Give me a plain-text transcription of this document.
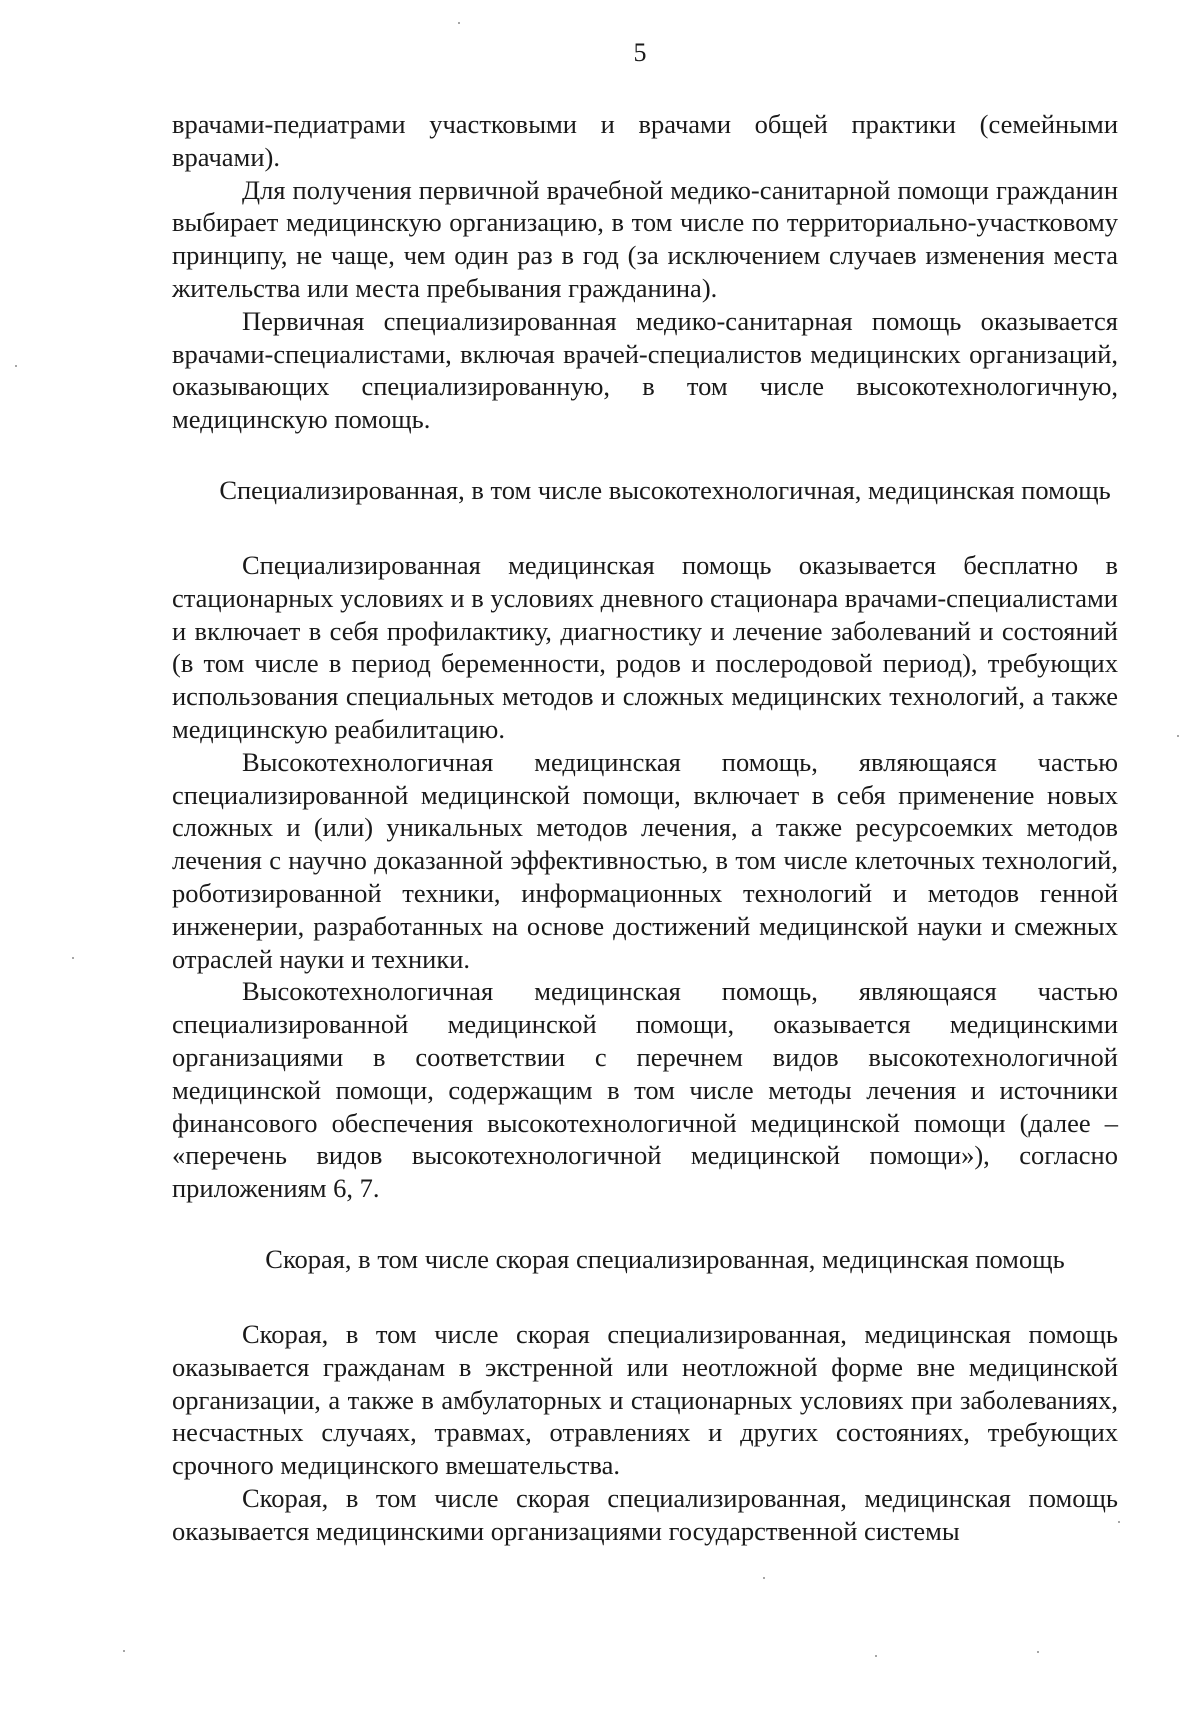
5

врачами-педиатрами участковыми и врачами общей практики (семейными врачами).

Для получения первичной врачебной медико-санитарной помощи гражданин выбирает медицинскую организацию, в том числе по территориально-участковому принципу, не чаще, чем один раз в год (за исключением случаев изменения места жительства или места пребывания гражданина).

Первичная специализированная медико-санитарная помощь оказывается врачами-специалистами, включая врачей-специалистов медицинских организаций, оказывающих специализированную, в том числе высокотехнологичную, медицинскую помощь.

Специализированная, в том числе высокотехнологичная, медицинская помощь

Специализированная медицинская помощь оказывается бесплатно в стационарных условиях и в условиях дневного стационара врачами-специалистами и включает в себя профилактику, диагностику и лечение заболеваний и состояний (в том числе в период беременности, родов и послеродовой период), требующих использования специальных методов и сложных медицинских технологий, а также медицинскую реабилитацию.

Высокотехнологичная медицинская помощь, являющаяся частью специализированной медицинской помощи, включает в себя применение новых сложных и (или) уникальных методов лечения, а также ресурсоемких методов лечения с научно доказанной эффективностью, в том числе клеточных технологий, роботизированной техники, информационных технологий и методов генной инженерии, разработанных на основе достижений медицинской науки и смежных отраслей науки и техники.

Высокотехнологичная медицинская помощь, являющаяся частью специализированной медицинской помощи, оказывается медицинскими организациями в соответствии с перечнем видов высокотехнологичной медицинской помощи, содержащим в том числе методы лечения и источники финансового обеспечения высокотехнологичной медицинской помощи (далее – «перечень видов высокотехнологичной медицинской помощи»), согласно приложениям 6, 7.

Скорая, в том числе скорая специализированная, медицинская помощь

Скорая, в том числе скорая специализированная, медицинская помощь оказывается гражданам в экстренной или неотложной форме вне медицинской организации, а также в амбулаторных и стационарных условиях при заболеваниях, несчастных случаях, травмах, отравлениях и других состояниях, требующих срочного медицинского вмешательства.

Скорая, в том числе скорая специализированная, медицинская помощь оказывается медицинскими организациями государственной системы
